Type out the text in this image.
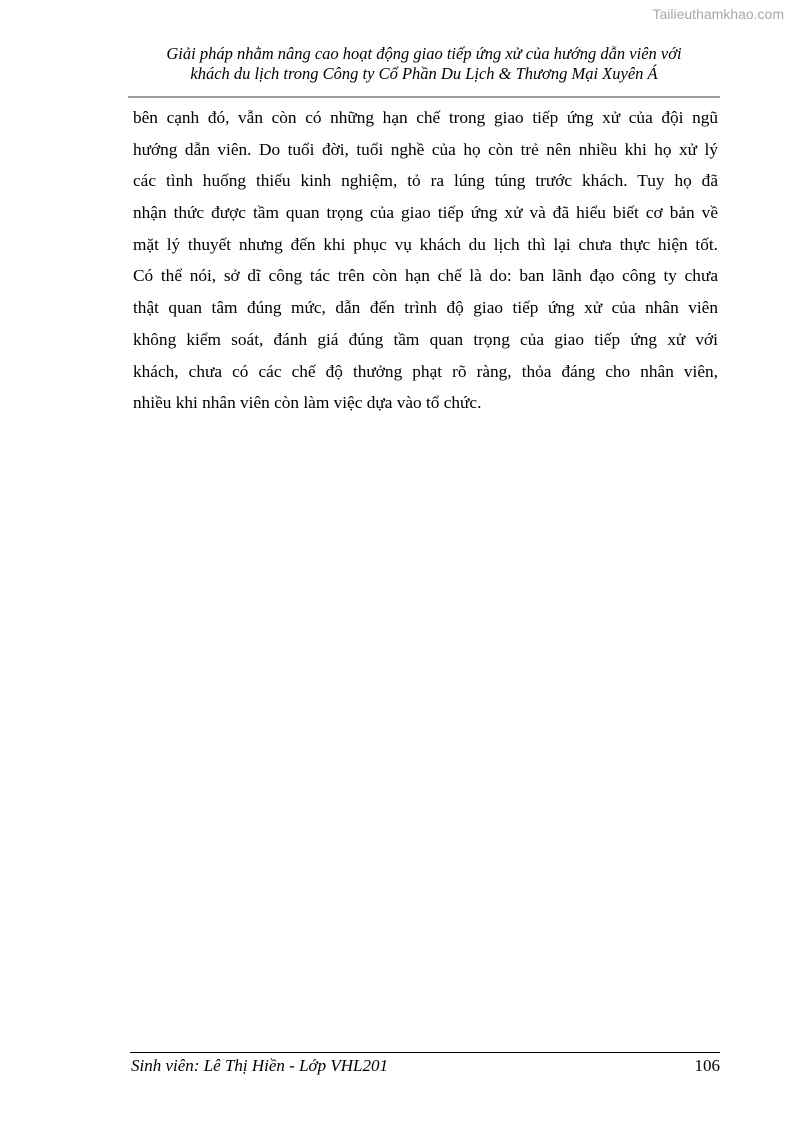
Tailieuthamkhao.com
Giải pháp nhằm nâng cao hoạt động giao tiếp ứng xử của hướng dẫn viên với
khách du lịch trong Công ty Cổ Phần Du Lịch & Thương Mại Xuyên Á
bên cạnh đó, vẫn còn có những hạn chế trong giao tiếp ứng xử của đội ngũ
hướng dẫn viên. Do tuổi đời, tuổi nghề của họ còn trẻ nên nhiều khi họ xử lý
các tình huống thiếu kinh nghiệm, tỏ ra lúng túng trước khách. Tuy họ đã
nhận thức được tầm quan trọng của giao tiếp ứng xử và đã hiểu biết cơ bản về
mặt lý thuyết nhưng đến khi phục vụ khách du lịch thì lại chưa thực hiện tốt.
Có thể nói, sở dĩ công tác trên còn hạn chế là do: ban lãnh đạo công ty chưa
thật quan tâm đúng mức, dẫn đến trình độ giao tiếp ứng xử của nhân viên
không kiểm soát, đánh giá đúng tầm quan trọng của giao tiếp ứng xử với
khách, chưa có các chế độ thưởng phạt rõ ràng, thỏa đáng cho nhân viên,
nhiều khi nhân viên còn làm việc dựa vào tổ chức.
Sinh viên: Lê Thị Hiền - Lớp VHL201	106
